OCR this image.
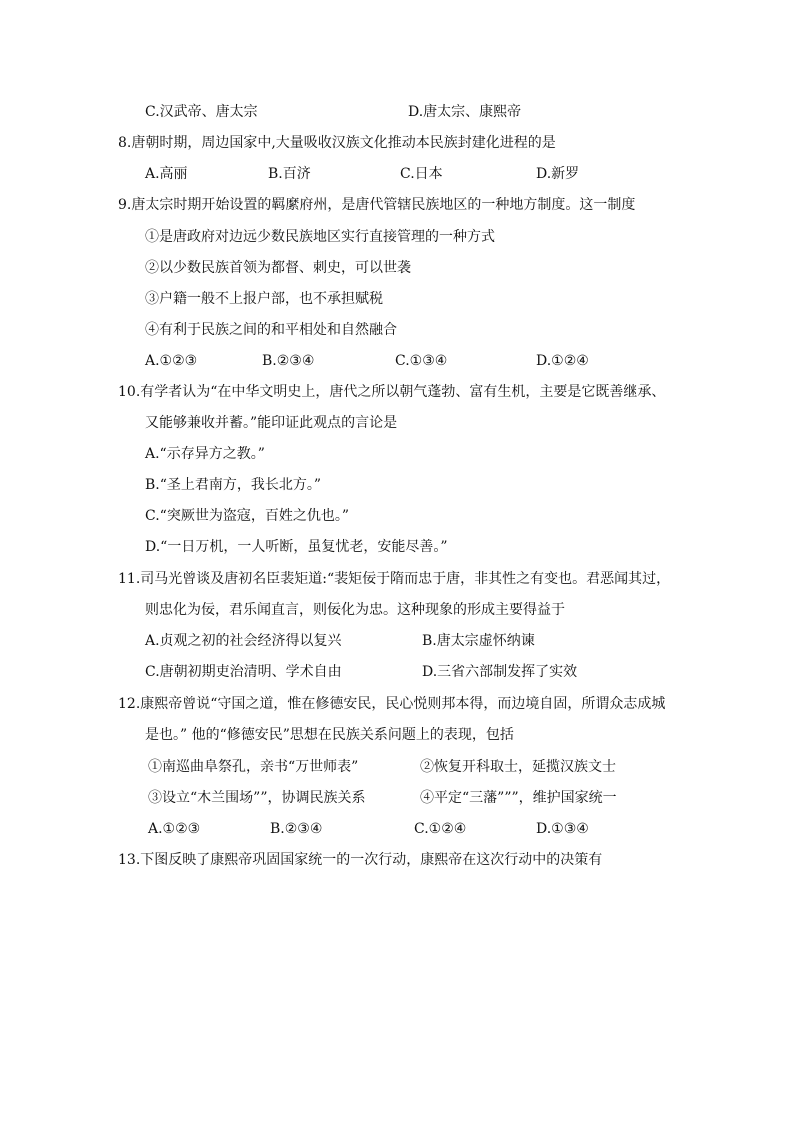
C.汉武帝、唐太宗	D.唐太宗、康熙帝
8.唐朝时期，周边国家中,大量吸收汉族文化推动本民族封建化进程的是
A.高丽	B.百济	C.日本	D.新罗
9.唐太宗时期开始设置的羁縻府州，是唐代管辖民族地区的一种地方制度。这一制度
①是唐政府对边远少数民族地区实行直接管理的一种方式
②以少数民族首领为都督、刺史，可以世袭
③户籍一般不上报户部，也不承担赋税
④有利于民族之间的和平相处和自然融合
A.①②③	B.②③④	C.①③④	D.①②④
10.有学者认为“在中华文明史上，唐代之所以朝气蓬勃、富有生机，主要是它既善继承、
又能够兼收并蓄。”能印证此观点的言论是
A.“示存异方之教。”
B.“圣上君南方，我长北方。”
C.“突厥世为盗寇，百姓之仇也。”
D.“一日万机，一人听断，虽复忧老，安能尽善。”
11.司马光曾谈及唐初名臣裴矩道:“裴矩佞于隋而忠于唐，非其性之有变也。君恶闻其过，
则忠化为佞，君乐闻直言，则佞化为忠。这种现象的形成主要得益于
A.贞观之初的社会经济得以复兴	B.唐太宗虚怀纳谏
C.唐朝初期吏治清明、学术自由	D.三省六部制发挥了实效
12.康熙帝曾说“守国之道，惟在修德安民，民心悦则邦本得，而边境自固，所谓众志成城
是也。” 他的“修德安民”思想在民族关系问题上的表现，包括
①南巡曲阜祭孔，亲书“万世师表”	②恢复开科取士，延揽汉族文士
③设立“木兰围场””，协调民族关系	④平定“三藩”””，维护国家统一
A.①②③	B.②③④	C.①②④	D.①③④
13.下图反映了康熙帝巩固国家统一的一次行动，康熙帝在这次行动中的决策有
